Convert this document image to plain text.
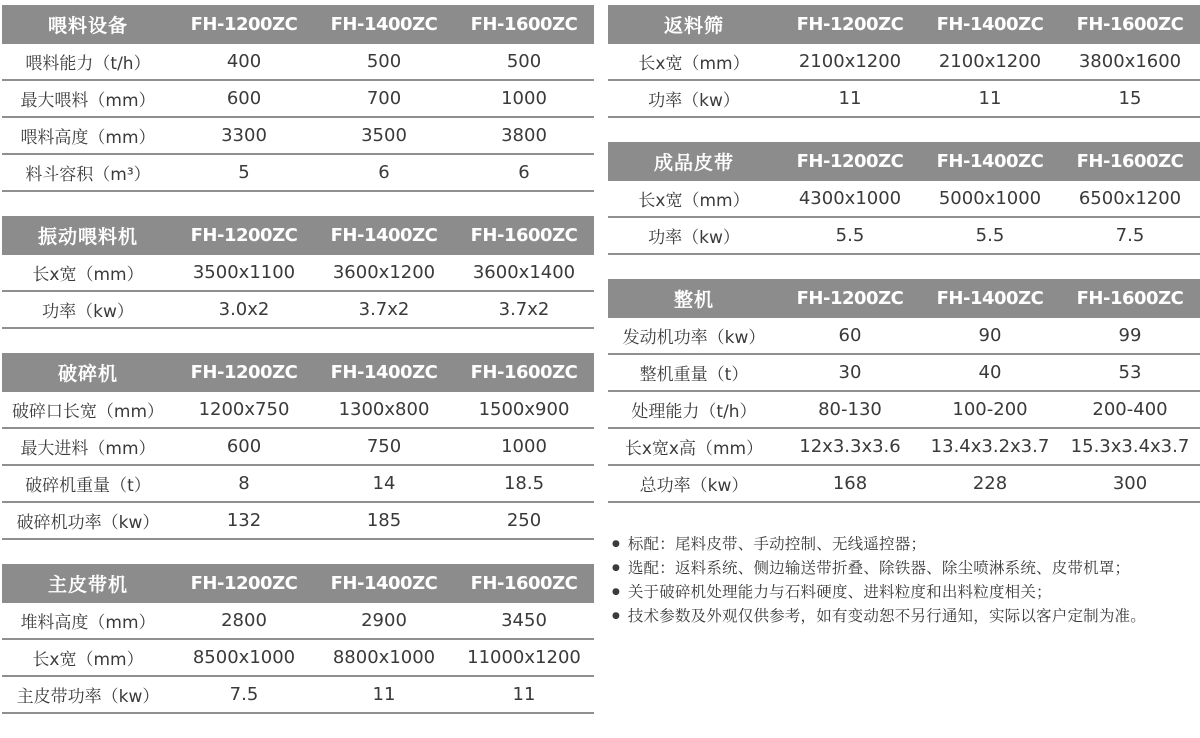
喂料设备	FH-1200ZC	FH-1400ZC	FH-1600ZC
喂料能力（t/h）	400	500	500
最大喂料（mm）	600	700	1000
喂料高度（mm）	3300	3500	3800
料斗容积（m³）	5	6	6
振动喂料机	FH-1200ZC	FH-1400ZC	FH-1600ZC
长x宽（mm）	3500x1100	3600x1200	3600x1400
功率（kw）	3.0x2	3.7x2	3.7x2
破碎机	FH-1200ZC	FH-1400ZC	FH-1600ZC
破碎口长宽（mm）	1200x750	1300x800	1500x900
最大进料（mm）	600	750	1000
破碎机重量（t）	8	14	18.5
破碎机功率（kw）	132	185	250
主皮带机	FH-1200ZC	FH-1400ZC	FH-1600ZC
堆料高度（mm）	2800	2900	3450
长x宽（mm）	8500x1000	8800x1000	11000x1200
主皮带功率（kw）	7.5	11	11
返料筛	FH-1200ZC	FH-1400ZC	FH-1600ZC
长x宽（mm）	2100x1200	2100x1200	3800x1600
功率（kw）	11	11	15
成品皮带	FH-1200ZC	FH-1400ZC	FH-1600ZC
长x宽（mm）	4300x1000	5000x1000	6500x1200
功率（kw）	5.5	5.5	7.5
整机	FH-1200ZC	FH-1400ZC	FH-1600ZC
发动机功率（kw）	60	90	99
整机重量（t）	30	40	53
处理能力（t/h）	80-130	100-200	200-400
长x宽x高（mm）	12x3.3x3.6	13.4x3.2x3.7	15.3x3.4x3.7
总功率（kw）	168	228	300
● 标配：尾料皮带、手动控制、无线遥控器；
● 选配：返料系统、侧边输送带折叠、除铁器、除尘喷淋系统、皮带机罩；
● 关于破碎机处理能力与石料硬度、进料粒度和出料粒度相关；
● 技术参数及外观仅供参考，如有变动恕不另行通知，实际以客户定制为准。
